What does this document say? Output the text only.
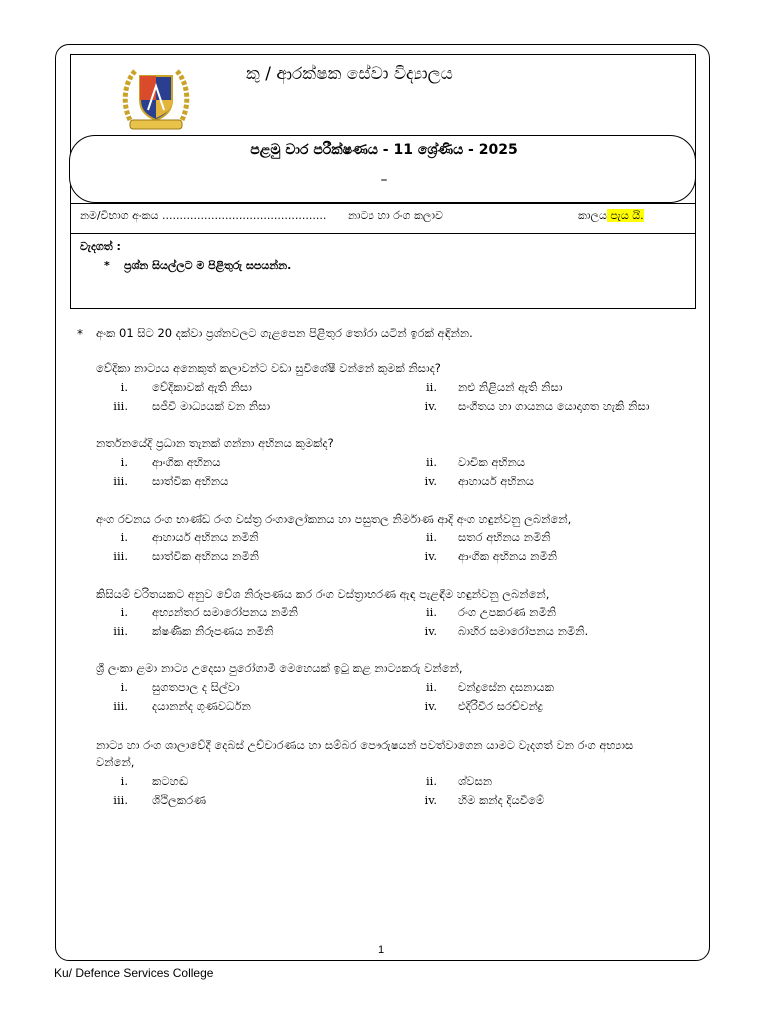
කු / ආරක්ෂක සේවා විද්‍යාලය
පළමු වාර පරීක්ෂණය - 11 ශ්‍රේණිය - 2025
–
නම/විභාග අංකය ............................................... නාට්‍ය හා රංග කලාව	කාලය පැය යි.
වැදගත් :
* ප්‍රශ්න සියල්ලට ම පිළිතුරු සපයන්න.
* අංක 01 සිට 20 දක්වා ප්‍රශ්නවලට ගැළපෙන පිළිතුර තෝරා යටින් ඉරක් අඳින්න.
වේදිකා නාට්‍යය අනෙකුත් කලාවන්ට වඩා සුවිශේෂී වන්නේ කුමක් නිසාද?
i. වේදිකාවක් ඇති නිසා	ii. නළු නිළියන් ඇති නිසා
iii. සජීවී මාධ්‍යයක් වන නිසා	iv. සංගීතය හා ගායනය යොදාගත හැකි නිසා
නර්තනයේදි ප්‍රධාන තැනක් ගන්නා අභිනය කුමක්ද?
i. ආංගික අභිනය	ii. වාචික අභිනය
iii. සාත්වික අභිනය	iv. ආහාර්ය අභිනය
අංග රචනය රංග භාණ්ඩ රංග වස්ත්‍ර රංගාලෝකනය හා පසුතල නිර්මාණ ආදි අංග හඳුන්වනු ලබන්නේ,
i. ආහාර්ය අභිනය නමිනි	ii. සතර අභිනය නමිනි
iii. සාත්වික අභිනය නමිනි	iv. ආංගික අභිනය නමිනි
කිසියම් චරිතයකට අනුව වේශ නිරූපණය කර රංග වස්ත්‍රාභරණ ඇඳ පැළඳීම හඳුන්වනු ලබන්නේ,
i. අභ්‍යන්තර සමාරෝපනය නමිනි	ii. රංග උපකරණ නමිනි
iii. ක්ෂණික නිරූපණය නමිනි	iv. බාහිර සමාරෝපනය නමිනි.
ශ්‍රී ලංකා ළමා නාට්‍ය උදෙසා පුරෝගාමී මෙහෙයක් ඉටු කළ නාට්‍යකරු වන්නේ,
i. සුගතපාල ද සිල්වා	ii. චන්ද්‍රසේන දසනායක
iii. දයානන්ද ගුණවර්ධන	iv. එදිරිවීර සරච්චන්ද්‍ර
නාට්‍ය හා රංග ශාලාවේදී දෙබස් උච්චාරණය හා සම්බර පෞරුෂයන් පවත්වාගෙන යාමට වැදගත් වන රංග අභ්‍යාස
වන්නේ,
i. කටහඬ	ii. ශ්වසන
iii. ශිථිලකරණ	iv. හිම කන්ද දියවීමේ
1
Ku/ Defence Services College
